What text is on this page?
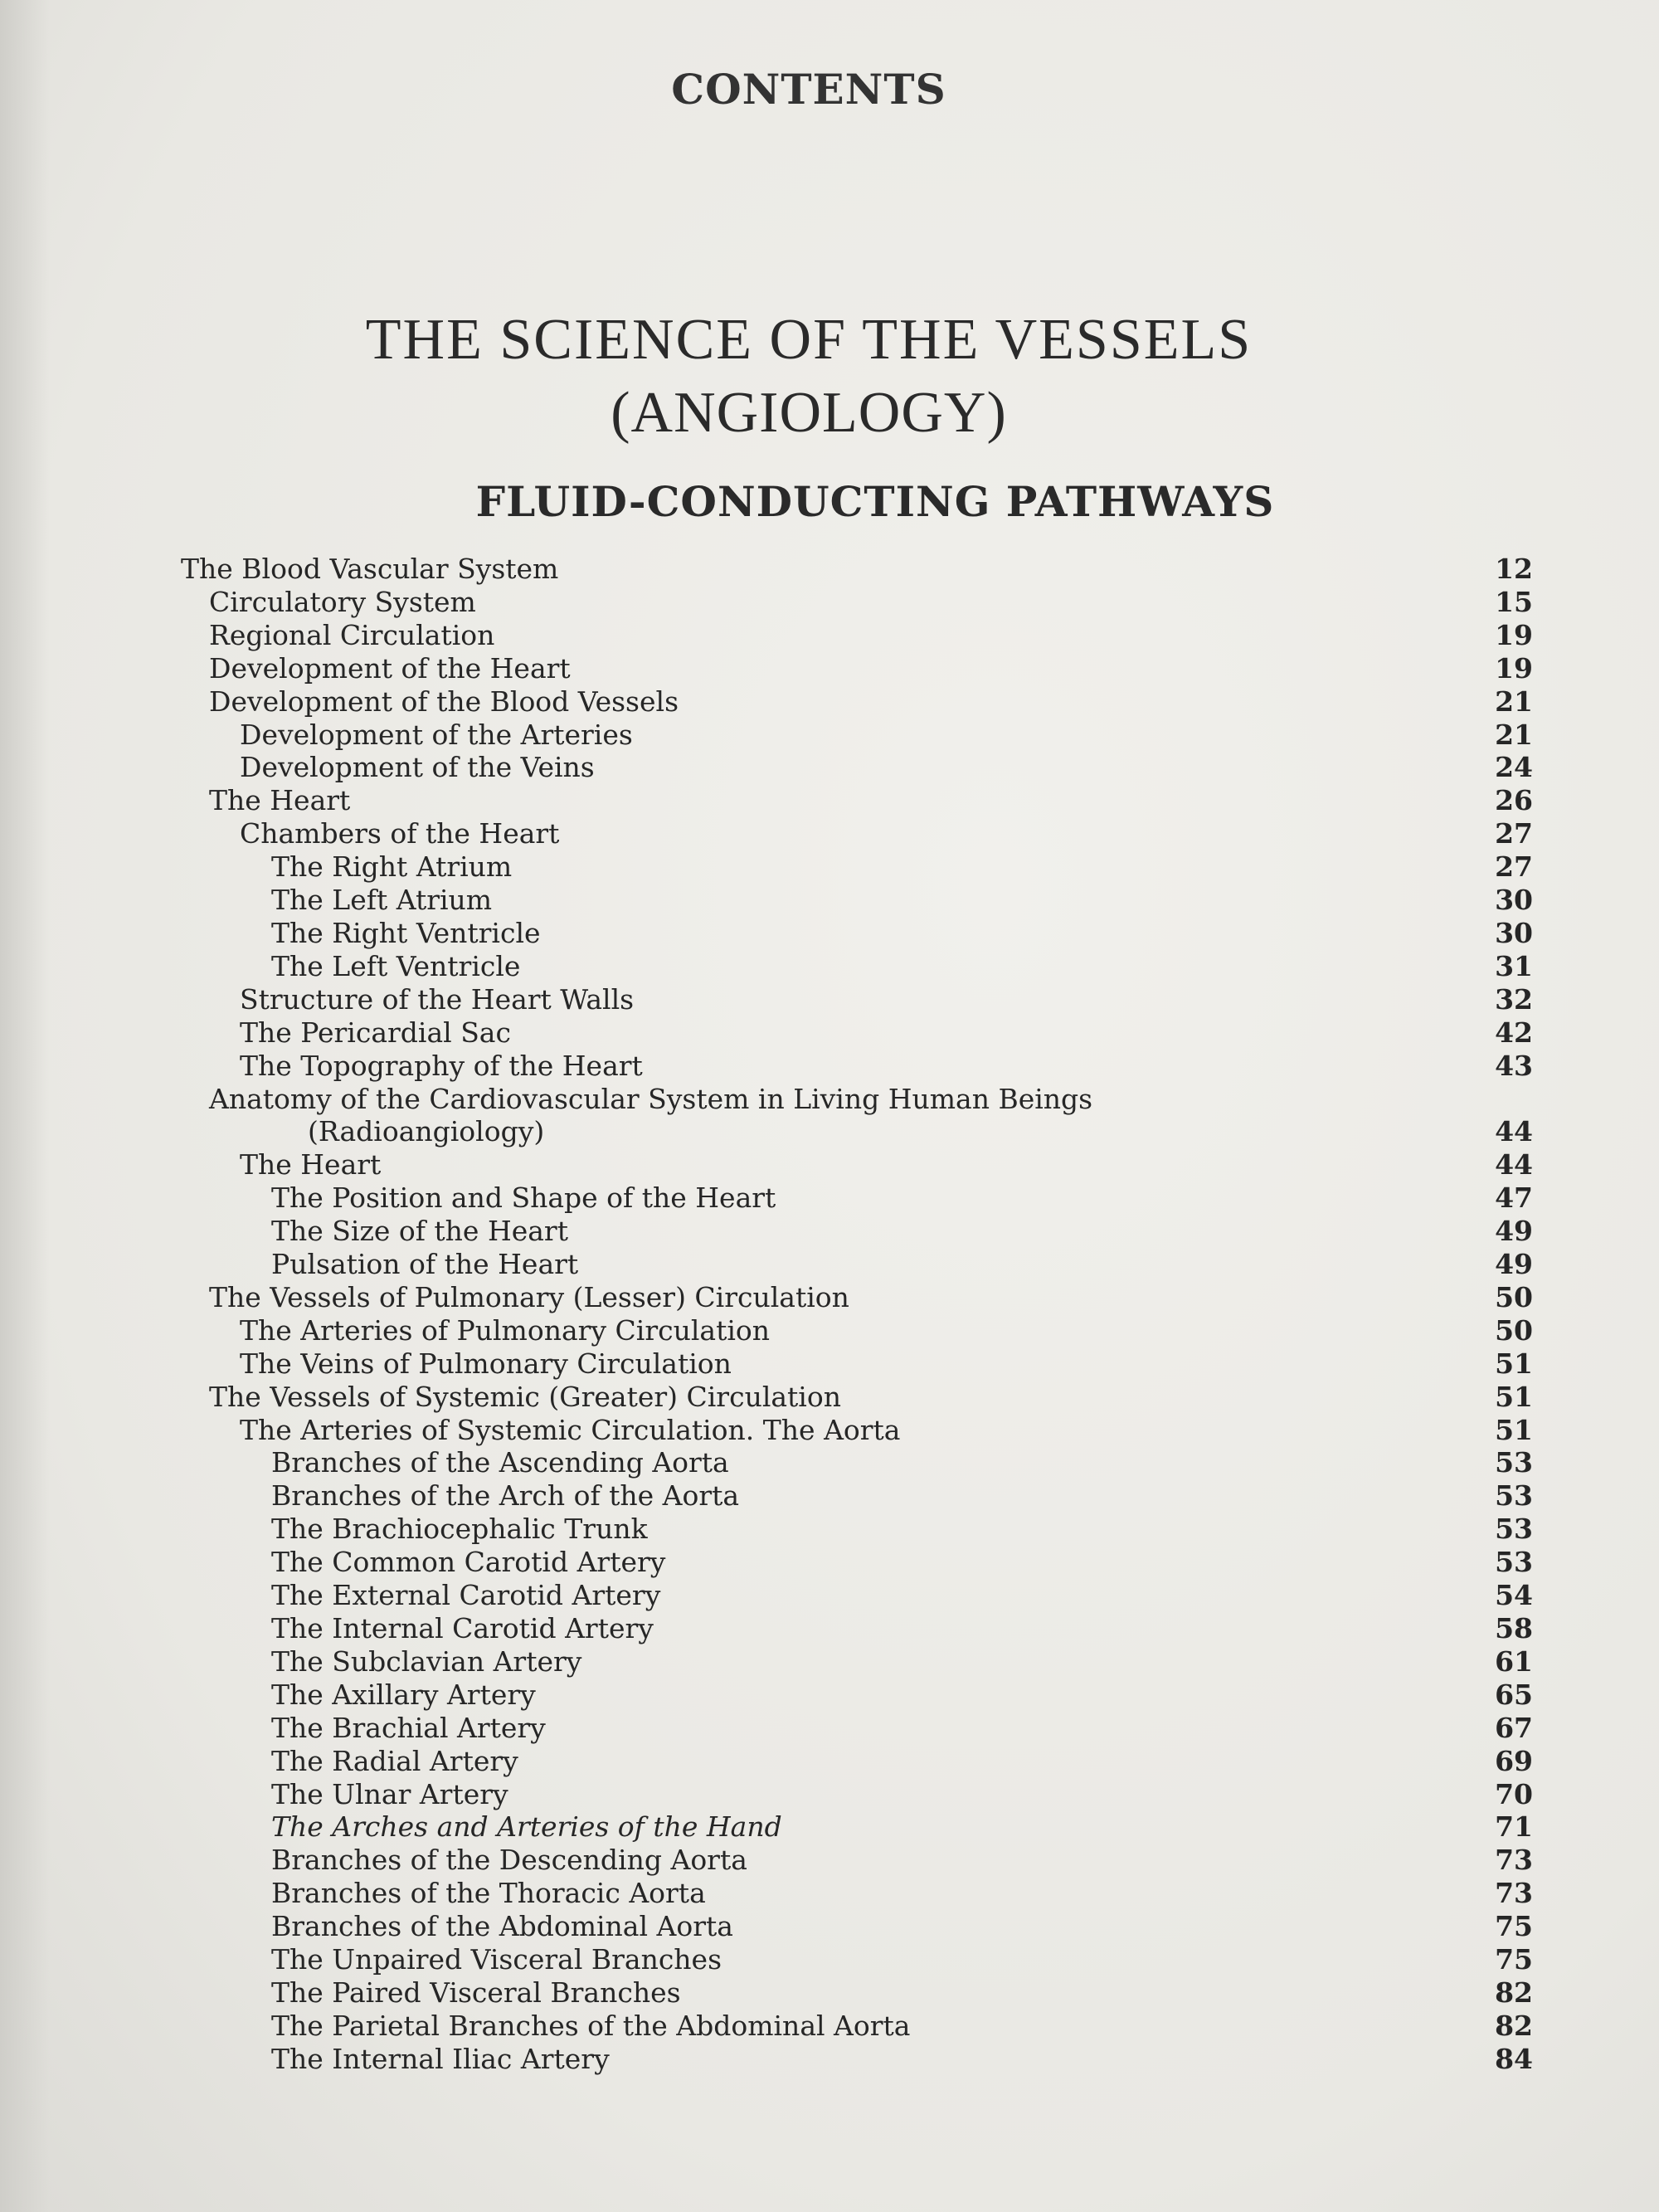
CONTENTS
THE SCIENCE OF THE VESSELS
(ANGIOLOGY)
FLUID-CONDUCTING PATHWAYS
The Blood Vascular System	12
Circulatory System	15
Regional Circulation	19
Development of the Heart	19
Development of the Blood Vessels	21
Development of the Arteries	21
Development of the Veins	24
The Heart	26
Chambers of the Heart	27
The Right Atrium	27
The Left Atrium	30
The Right Ventricle	30
The Left Ventricle	31
Structure of the Heart Walls	32
The Pericardial Sac	42
The Topography of the Heart	43
Anatomy of the Cardiovascular System in Living Human Beings
(Radioangiology)	44
The Heart	44
The Position and Shape of the Heart	47
The Size of the Heart	49
Pulsation of the Heart	49
The Vessels of Pulmonary (Lesser) Circulation	50
The Arteries of Pulmonary Circulation	50
The Veins of Pulmonary Circulation	51
The Vessels of Systemic (Greater) Circulation	51
The Arteries of Systemic Circulation. The Aorta	51
Branches of the Ascending Aorta	53
Branches of the Arch of the Aorta	53
The Brachiocephalic Trunk	53
The Common Carotid Artery	53
The External Carotid Artery	54
The Internal Carotid Artery	58
The Subclavian Artery	61
The Axillary Artery	65
The Brachial Artery	67
The Radial Artery	69
The Ulnar Artery	70
The Arches and Arteries of the Hand	71
Branches of the Descending Aorta	73
Branches of the Thoracic Aorta	73
Branches of the Abdominal Aorta	75
The Unpaired Visceral Branches	75
The Paired Visceral Branches	82
The Parietal Branches of the Abdominal Aorta	82
The Internal Iliac Artery	84
